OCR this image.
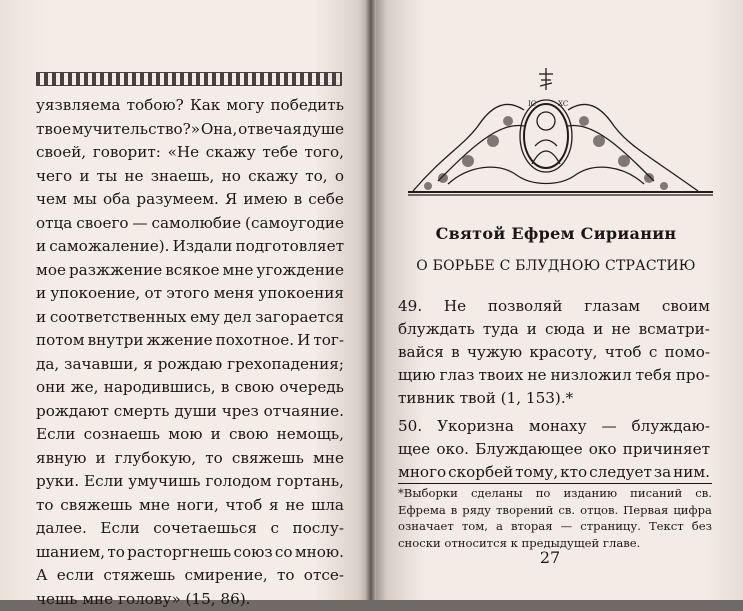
уязвляема тобою? Как могу победить
твое мучительство?» Она, отвечая душе
своей, говорит: «Не скажу тебе того,
чего и ты не знаешь, но скажу то, о
чем мы оба разумеем. Я имею в себе
отца своего — самолюбие (самоугодие
и саможаление). Издали подготовляет
мое разжжение всякое мне угождение
и упокоение, от этого меня упокоения
и соответственных ему дел загорается
потом внутри жжение похотное. И тог-
да, зачавши, я рождаю грехопадения;
они же, народившись, в свою очередь
рождают смерть души чрез отчаяние.
Если сознаешь мою и свою немощь,
явную и глубокую, то свяжешь мне
руки. Если умучишь голодом гортань,
то свяжешь мне ноги, чтоб я не шла
далее. Если сочетаешься с послу-
шанием, то расторгнешь союз со мною.
А если стяжешь смирение, то отсе-
чешь мне голову» (15, 86).
IC	XC
Святой Ефрем Сирианин
О БОРЬБЕ С БЛУДНОЮ СТРАСТИЮ
49. Не позволяй глазам своим
блуждать туда и сюда и не всматри-
вайся в чужую красоту, чтоб с помо-
щию глаз твоих не низложил тебя про-
тивник твой (1, 153).*
50. Укоризна монаху — блуждаю-
щее око. Блуждающее око причиняет
много скорбей тому, кто следует за ним.
*Выборки сделаны по изданию писаний св.
Ефрема в ряду творений св. отцов. Первая цифра
означает том, а вторая — страницу. Текст без
сноски относится к предыдущей главе.
27
